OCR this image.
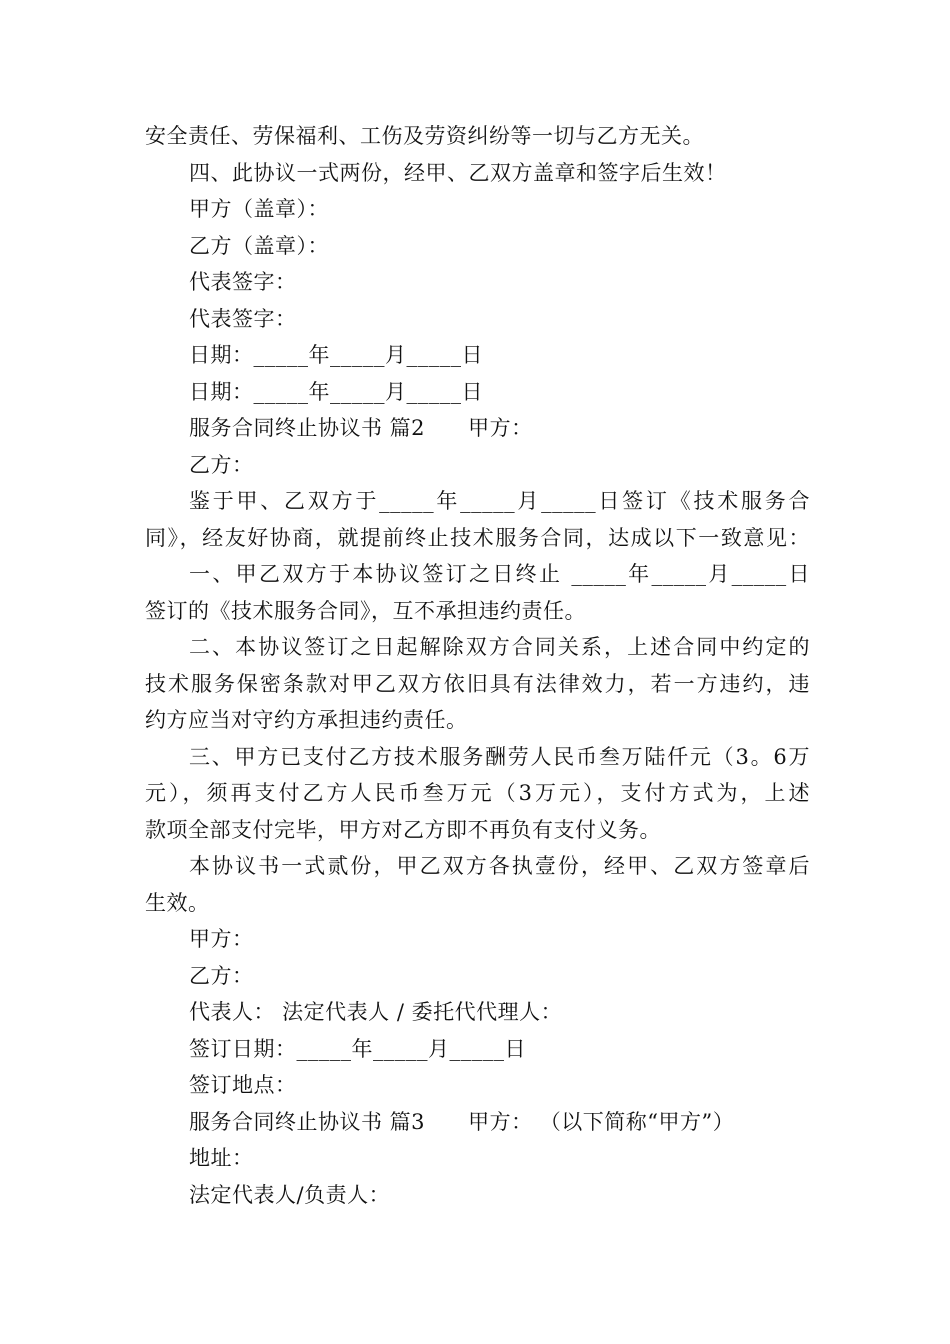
安全责任、劳保福利、工伤及劳资纠纷等一切与乙方无关。
四、此协议一式两份，经甲、乙双方盖章和签字后生效！
甲方（盖章）：
乙方（盖章）：
代表签字：
代表签字：
日期：_____年_____月_____日
日期：_____年_____月_____日
服务合同终止协议书 篇2      甲方：
乙方：
鉴于甲、乙双方于_____年_____月_____日签订《技术服务合
同》，经友好协商，就提前终止技术服务合同，达成以下一致意见：
一、甲乙双方于本协议签订之日终止 _____年_____月_____日
签订的《技术服务合同》，互不承担违约责任。
二、本协议签订之日起解除双方合同关系，上述合同中约定的
技术服务保密条款对甲乙双方依旧具有法律效力，若一方违约，违
约方应当对守约方承担违约责任。
三、甲方已支付乙方技术服务酬劳人民币叁万陆仟元（3。6万
元），须再支付乙方人民币叁万元（3万元），支付方式为，上述
款项全部支付完毕，甲方对乙方即不再负有支付义务。
本协议书一式贰份，甲乙双方各执壹份，经甲、乙双方签章后
生效。
甲方：
乙方：
代表人： 法定代表人 / 委托代代理人：
签订日期：_____年_____月_____日
签订地点：
服务合同终止协议书 篇3      甲方： （以下简称“甲方”）
地址：
法定代表人/负责人：
